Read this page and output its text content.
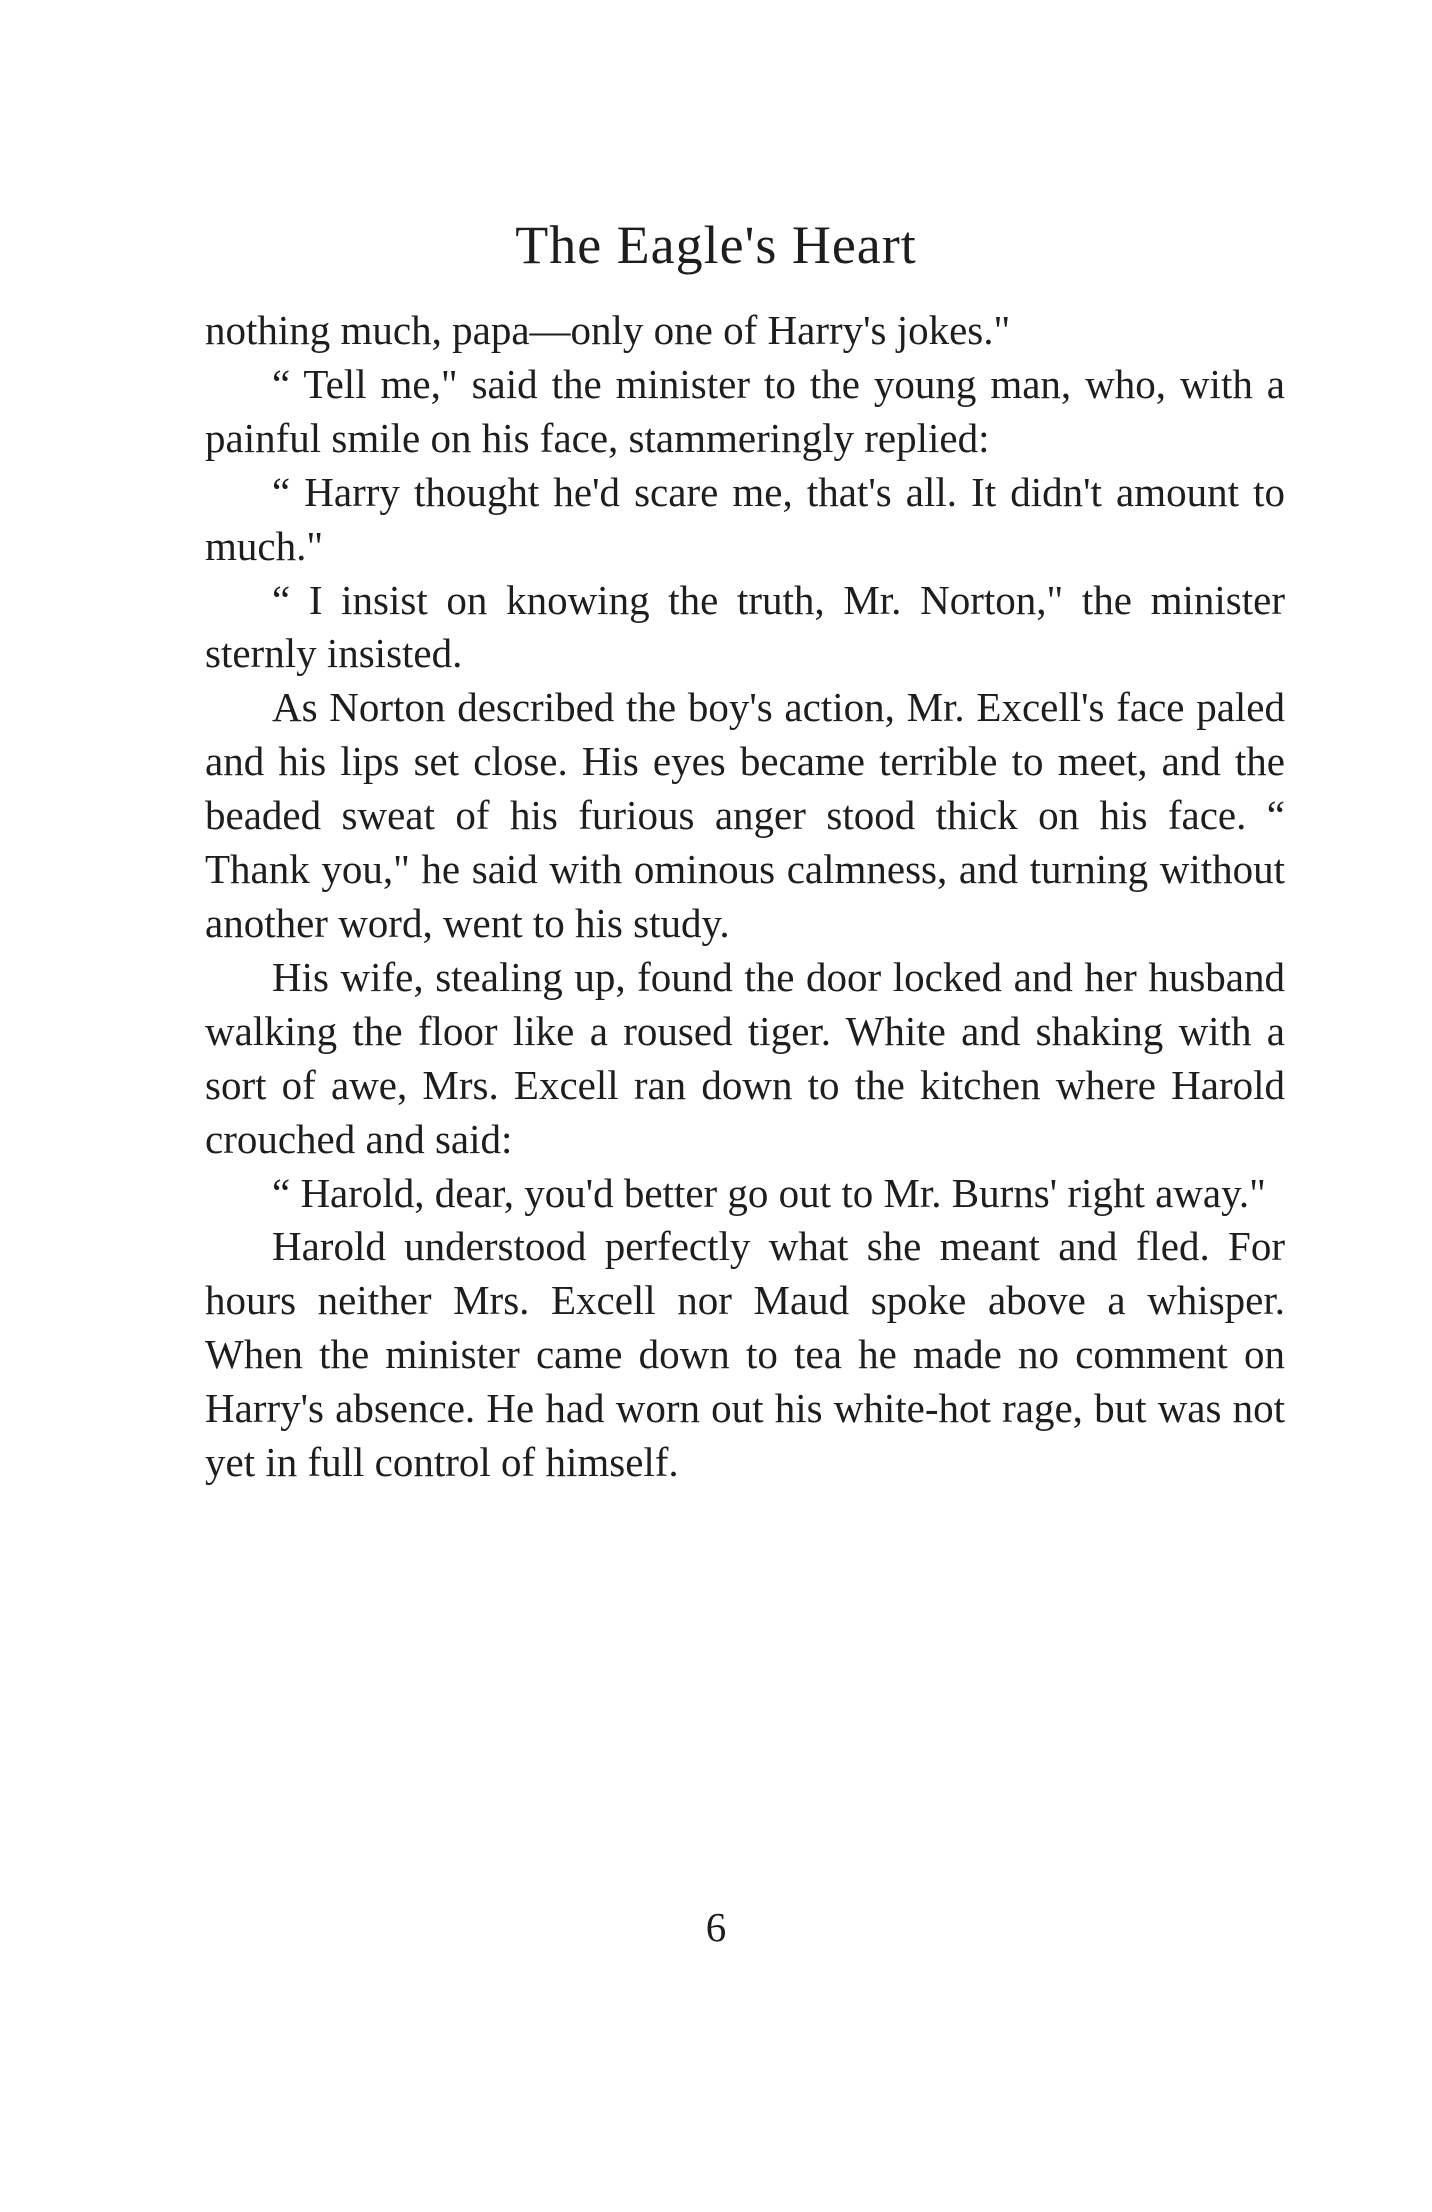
The Eagle's Heart

nothing much, papa—only one of Harry's jokes."

“ Tell me," said the minister to the young man, who, with a painful smile on his face, stammeringly replied:

“ Harry thought he'd scare me, that's all. It didn't amount to much."

“ I insist on knowing the truth, Mr. Norton," the minister sternly insisted.

As Norton described the boy's action, Mr. Excell's face paled and his lips set close. His eyes became terrible to meet, and the beaded sweat of his furious anger stood thick on his face. “ Thank you," he said with ominous calmness, and turning without another word, went to his study.

His wife, stealing up, found the door locked and her husband walking the floor like a roused tiger. White and shaking with a sort of awe, Mrs. Excell ran down to the kitchen where Harold crouched and said:

“ Harold, dear, you'd better go out to Mr. Burns' right away."

Harold understood perfectly what she meant and fled. For hours neither Mrs. Excell nor Maud spoke above a whisper. When the minister came down to tea he made no comment on Harry's absence. He had worn out his white-hot rage, but was not yet in full control of himself.

6
